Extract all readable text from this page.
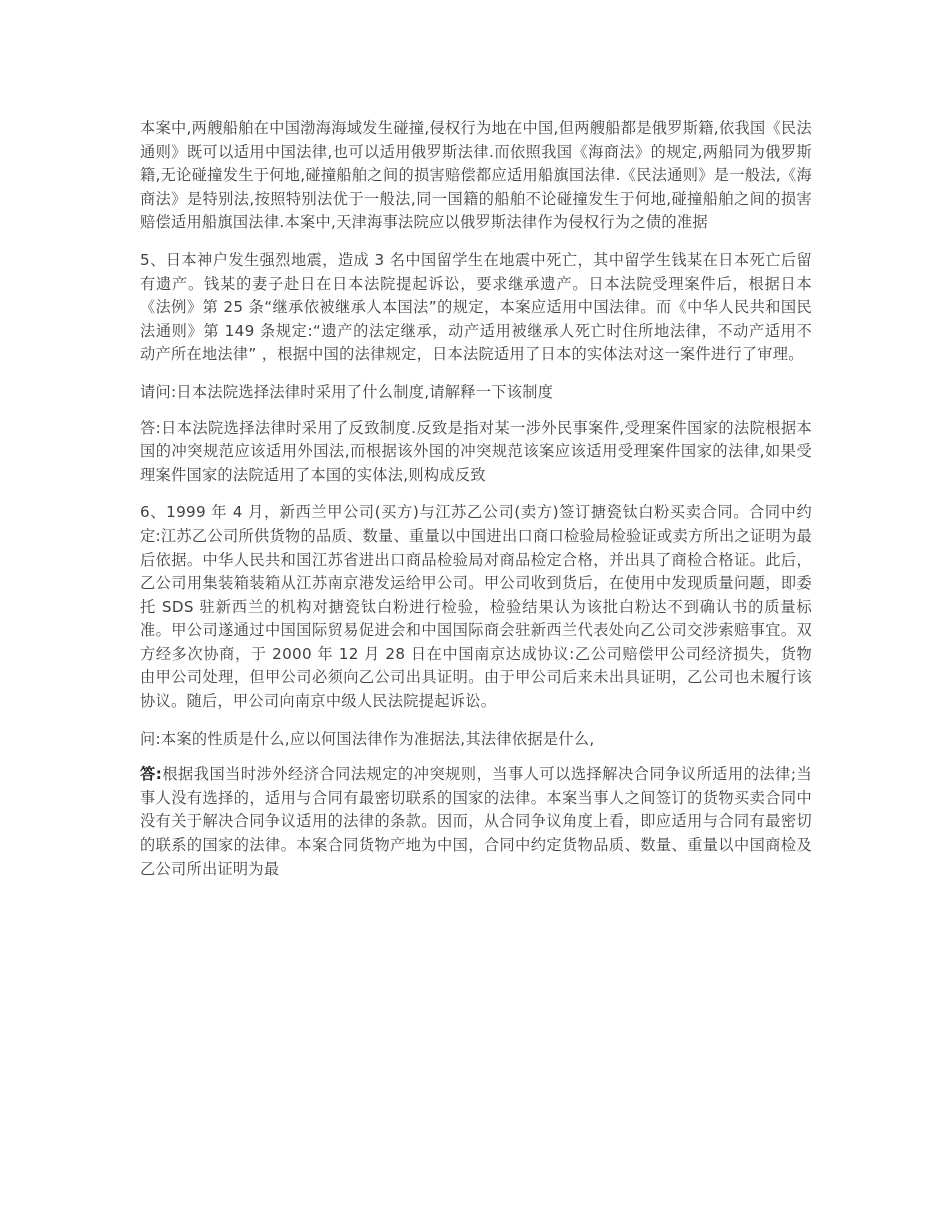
本案中,两艘船舶在中国渤海海域发生碰撞,侵权行为地在中国,但两艘船都是俄罗斯籍,依我国《民法通则》既可以适用中国法律,也可以适用俄罗斯法律.而依照我国《海商法》的规定,两船同为俄罗斯籍,无论碰撞发生于何地,碰撞船舶之间的损害赔偿都应适用船旗国法律.《民法通则》是一般法,《海商法》是特别法,按照特别法优于一般法,同一国籍的船舶不论碰撞发生于何地,碰撞船舶之间的损害赔偿适用船旗国法律.本案中,天津海事法院应以俄罗斯法律作为侵权行为之债的准据

5、日本神户发生强烈地震，造成 3 名中国留学生在地震中死亡，其中留学生钱某在日本死亡后留有遗产。钱某的妻子赴日在日本法院提起诉讼，要求继承遗产。日本法院受理案件后，根据日本《法例》第 25 条“继承依被继承人本国法”的规定，本案应适用中国法律。而《中华人民共和国民法通则》第 149 条规定:“遗产的法定继承，动产适用被继承人死亡时住所地法律，不动产适用不动产所在地法律” ，根据中国的法律规定，日本法院适用了日本的实体法对这一案件进行了审理。

请问:日本法院选择法律时采用了什么制度,请解释一下该制度

答:日本法院选择法律时采用了反致制度.反致是指对某一涉外民事案件,受理案件国家的法院根据本国的冲突规范应该适用外国法,而根据该外国的冲突规范该案应该适用受理案件国家的法律,如果受理案件国家的法院适用了本国的实体法,则构成反致

6、1999 年 4 月，新西兰甲公司(买方)与江苏乙公司(卖方)签订搪瓷钛白粉买卖合同。合同中约定:江苏乙公司所供货物的品质、数量、重量以中国进出口商口检验局检验证或卖方所出之证明为最后依据。中华人民共和国江苏省进出口商品检验局对商品检定合格，并出具了商检合格证。此后，乙公司用集装箱装箱从江苏南京港发运给甲公司。甲公司收到货后，在使用中发现质量问题，即委托 SDS 驻新西兰的机构对搪瓷钛白粉进行检验，检验结果认为该批白粉达不到确认书的质量标准。甲公司遂通过中国国际贸易促进会和中国国际商会驻新西兰代表处向乙公司交涉索赔事宜。双方经多次协商，于 2000 年 12 月 28 日在中国南京达成协议:乙公司赔偿甲公司经济损失，货物由甲公司处理，但甲公司必须向乙公司出具证明。由于甲公司后来未出具证明，乙公司也未履行该协议。随后，甲公司向南京中级人民法院提起诉讼。

问:本案的性质是什么,应以何国法律作为准据法,其法律依据是什么,

答:根据我国当时涉外经济合同法规定的冲突规则，当事人可以选择解决合同争议所适用的法律;当事人没有选择的，适用与合同有最密切联系的国家的法律。本案当事人之间签订的货物买卖合同中没有关于解决合同争议适用的法律的条款。因而，从合同争议角度上看，即应适用与合同有最密切的联系的国家的法律。本案合同货物产地为中国，合同中约定货物品质、数量、重量以中国商检及乙公司所出证明为最
